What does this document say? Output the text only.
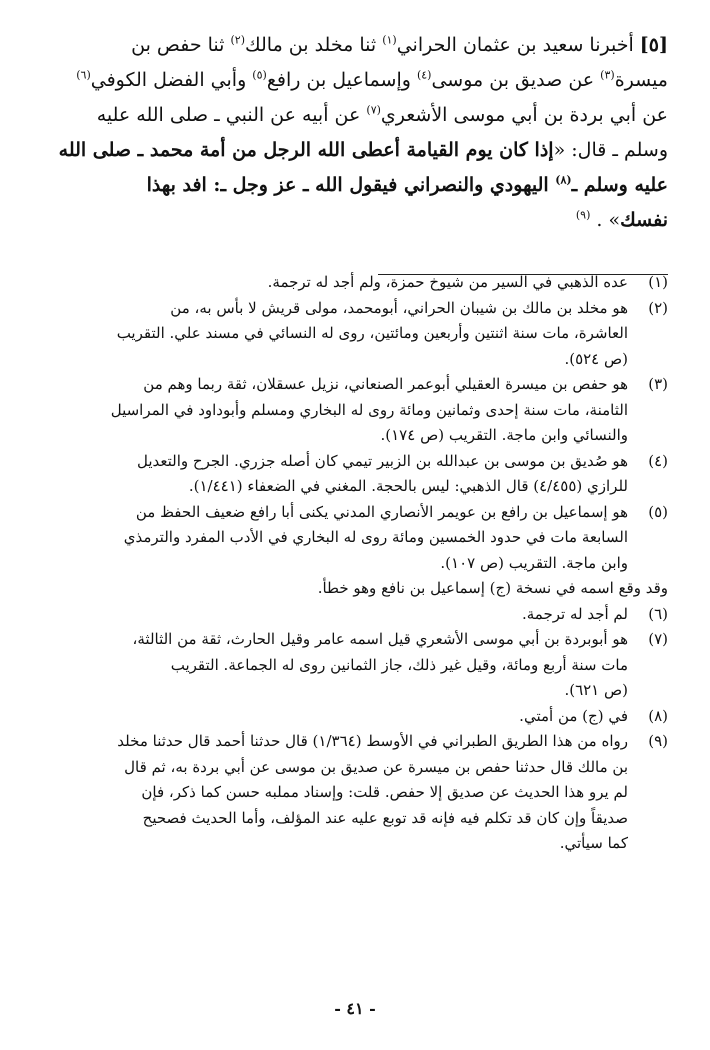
[٥] أخبرنا سعيد بن عثمان الحراني$^{(١)}$ ثنا مخلد بن مالك$^{(٢)}$ ثنا حفص بن
ميسرة$^{(٣)}$ عن صديق بن موسى$^{(٤)}$ وإسماعيل بن رافع$^{(٥)}$ وأبي الفضل الكوفي$^{(٦)}$
عن أبي بردة بن أبي موسى الأشعري$^{(٧)}$ عن أبيه عن النبي ـ صلى الله عليه
وسلم ـ قال: «إذا كان يوم القيامة أعطى الله الرجل من أمة محمد ـ صلى الله
عليه وسلم ـ$^{(٨)}$ اليهودي والنصراني فيقول الله ـ عز وجل ـ: افد بهذا
نفسك» . $^{(٩)}$
(١)
عده الذهبي في السير من شيوخ حمزة، ولم أجد له ترجمة.
(٢)
هو مخلد بن مالك بن شيبان الحراني، أبومحمد، مولى قريش لا بأس به، من
العاشرة، مات سنة اثنتين وأربعين ومائتين، روى له النسائي في مسند علي. التقريب
(ص ٥٢٤).
(٣)
هو حفص بن ميسرة العقيلي أبوعمر الصنعاني، نزيل عسقلان، ثقة ربما وهم من
الثامنة، مات سنة إحدى وثمانين ومائة روى له البخاري ومسلم وأبوداود في المراسيل
والنسائي وابن ماجة. التقريب (ص ١٧٤).
(٤)
هو صُديق بن موسى بن عبدالله بن الزبير تيمي كان أصله جزري. الجرح والتعديل
للرازي (٤/٤٥٥) قال الذهبي: ليس بالحجة. المغني في الضعفاء (١/٤٤١).
(٥)
هو إسماعيل بن رافع بن عويمر الأنصاري المدني يكنى أبا رافع ضعيف الحفظ من
السابعة مات في حدود الخمسين ومائة روى له البخاري في الأدب المفرد والترمذي
وابن ماجة. التقريب (ص ١٠٧).
وقد وقع اسمه في نسخة (ج) إسماعيل بن نافع وهو خطأ.
(٦)
لم أجد له ترجمة.
(٧)
هو أبوبردة بن أبي موسى الأشعري قيل اسمه عامر وقيل الحارث، ثقة من الثالثة،
مات سنة أربع ومائة، وقيل غير ذلك، جاز الثمانين روى له الجماعة. التقريب
(ص ٦٢١).
(٨)
في (ج) من أمتي.
(٩)
رواه من هذا الطريق الطبراني في الأوسط (١/٣٦٤) قال حدثنا أحمد قال حدثنا مخلد
بن مالك قال حدثنا حفص بن ميسرة عن صديق بن موسى عن أبي بردة به، ثم قال
لم يرو هذا الحديث عن صديق إلا حفص. قلت: وإسناد مملبه حسن كما ذكر، فإن
صديقاً وإن كان قد تكلم فيه فإنه قد توبع عليه عند المؤلف، وأما الحديث فصحيح
كما سيأتي.
- ٤١ -
